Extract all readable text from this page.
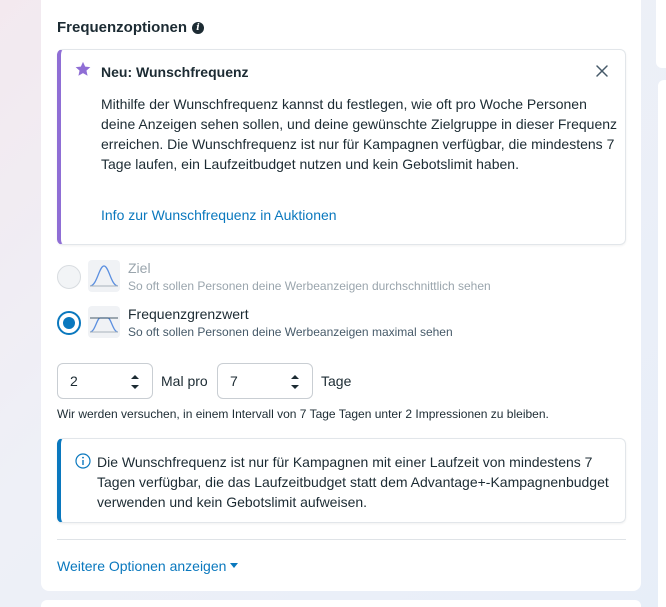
Frequenzoptionen	i
Neu: Wunschfrequenz
Mithilfe der Wunschfrequenz kannst du festlegen, wie oft pro Woche Personen deine Anzeigen sehen sollen, und deine gewünschte Zielgruppe in dieser Frequenz erreichen. Die Wunschfrequenz ist nur für Kampagnen verfügbar, die mindestens 7 Tage laufen, ein Laufzeitbudget nutzen und kein Gebotslimit haben.
Info zur Wunschfrequenz in Auktionen
Ziel
So oft sollen Personen deine Werbeanzeigen durchschnittlich sehen
Frequenzgrenzwert
So oft sollen Personen deine Werbeanzeigen maximal sehen
2	Mal pro 7	Tage
Wir werden versuchen, in einem Intervall von 7 Tage Tagen unter 2 Impressionen zu bleiben.
Die Wunschfrequenz ist nur für Kampagnen mit einer Laufzeit von mindestens 7 Tagen verfügbar, die das Laufzeitbudget statt dem Advantage+-Kampagnenbudget verwenden und kein Gebotslimit aufweisen.
Weitere Optionen anzeigen
